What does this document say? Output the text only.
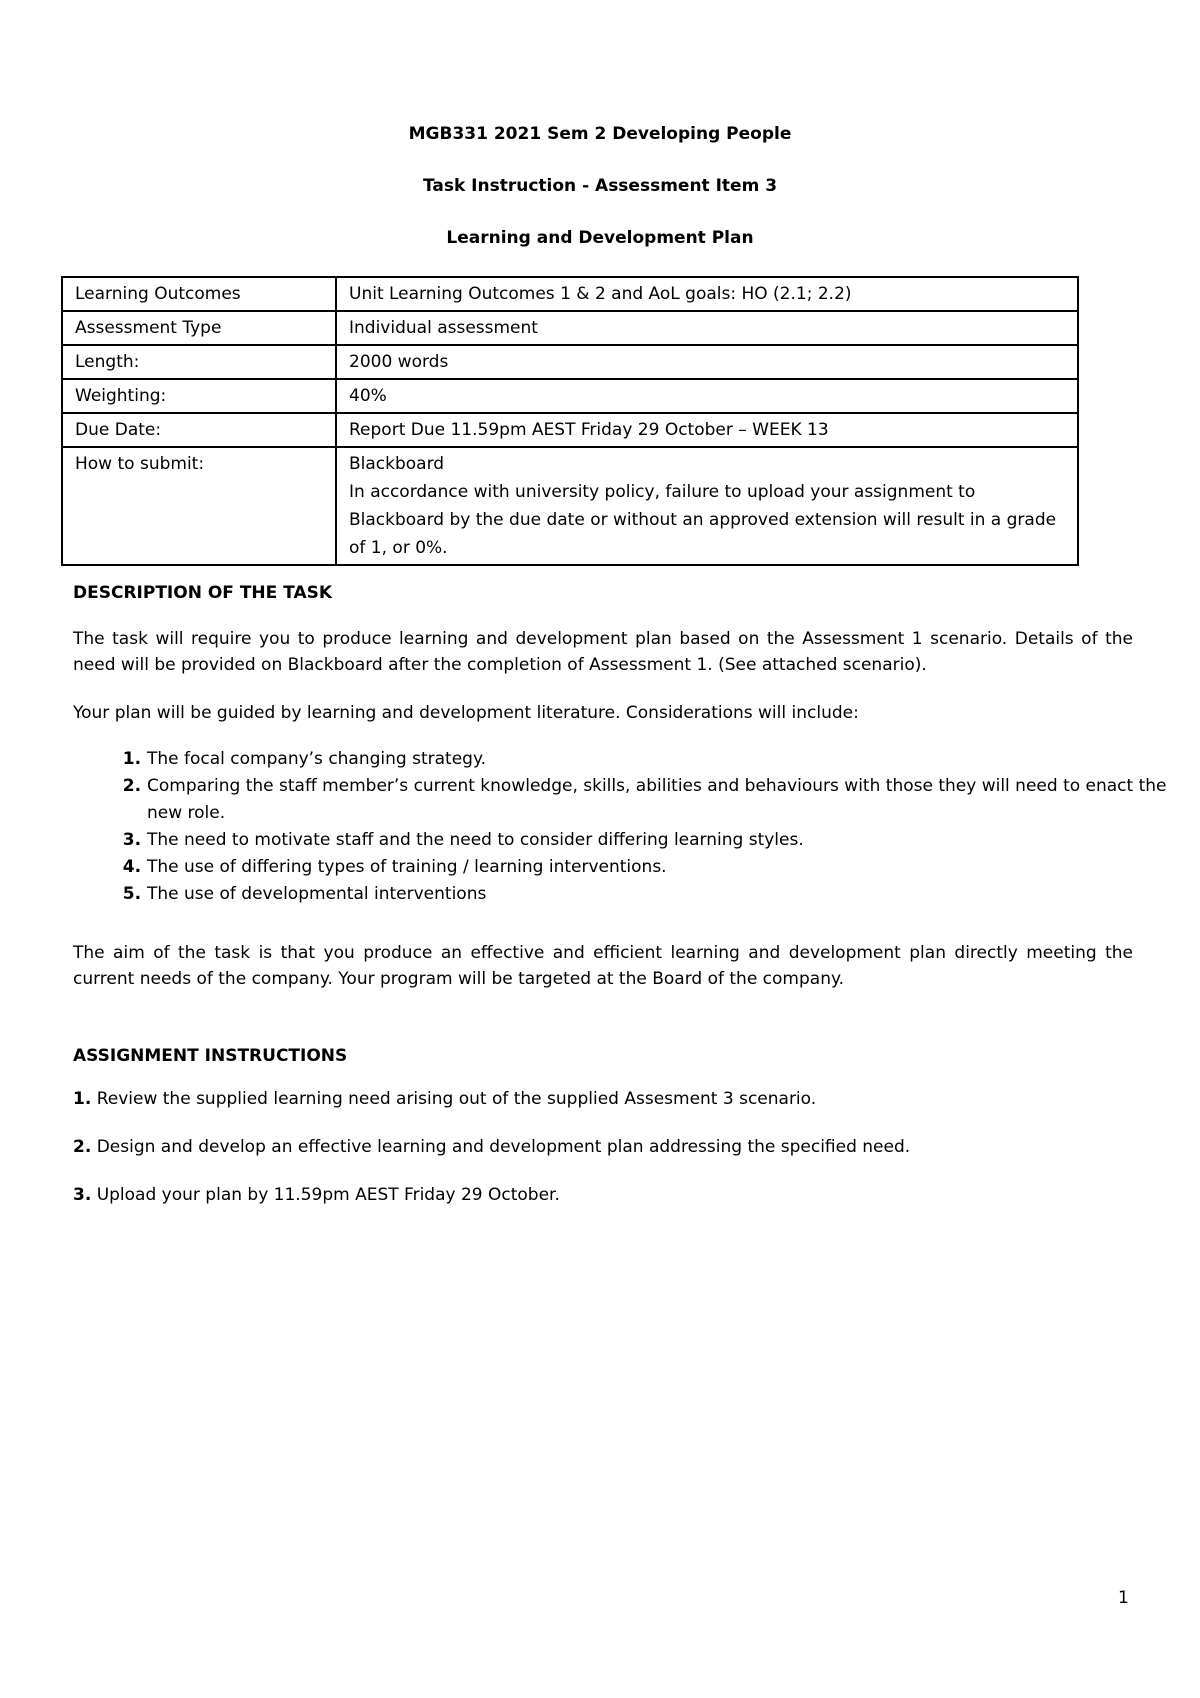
MGB331 2021 Sem 2 Developing People
Task Instruction - Assessment Item 3
Learning and Development Plan
Learning Outcomes	Unit Learning Outcomes 1 & 2 and AoL goals: HO (2.1; 2.2)
Assessment Type	Individual assessment
Length:	2000 words
Weighting:	40%
Due Date:	Report Due 11.59pm AEST Friday 29 October – WEEK 13
How to submit:	Blackboard
In accordance with university policy, failure to upload your assignment to Blackboard by the due date or without an approved extension will result in a grade of 1, or 0%.
DESCRIPTION OF THE TASK
The task will require you to produce learning and development plan based on the Assessment 1 scenario. Details of the need will be provided on Blackboard after the completion of Assessment 1. (See attached scenario).
Your plan will be guided by learning and development literature. Considerations will include:
1. The focal company’s changing strategy.
2. Comparing the staff member’s current knowledge, skills, abilities and behaviours with those they will need to enact the new role.
3. The need to motivate staff and the need to consider differing learning styles.
4. The use of differing types of training / learning interventions.
5. The use of developmental interventions
The aim of the task is that you produce an effective and efficient learning and development plan directly meeting the current needs of the company. Your program will be targeted at the Board of the company.
ASSIGNMENT INSTRUCTIONS
1. Review the supplied learning need arising out of the supplied Assesment 3 scenario.
2. Design and develop an effective learning and development plan addressing the specified need.
3. Upload your plan by 11.59pm AEST Friday 29 October.
1
